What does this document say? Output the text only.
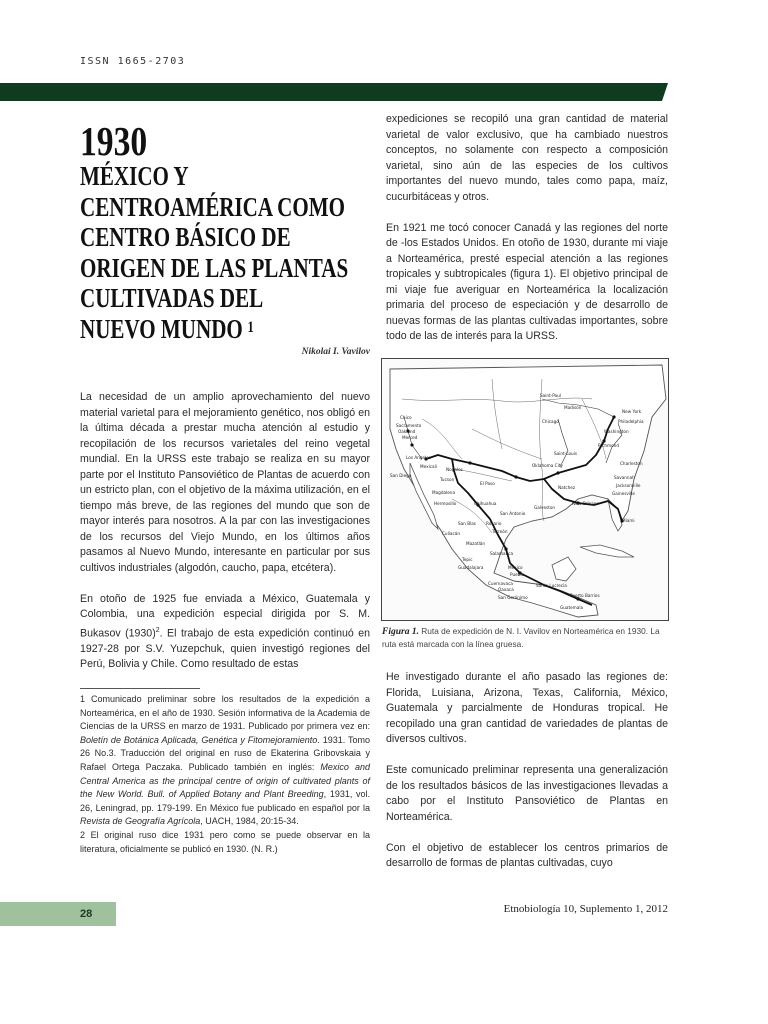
ISSN 1665-2703
1930
MÉXICO Y
CENTROAMÉRICA COMO
CENTRO BÁSICO DE
ORIGEN DE LAS PLANTAS
CULTIVADAS DEL
NUEVO MUNDO $^1$
Nikolai I. Vavilov

La necesidad de un amplio aprovechamiento del nuevo material varietal para el mejoramiento genético, nos obligó en la última década a prestar mucha atención al estudio y recopilación de los recursos varietales del reino vegetal mundial. En la URSS este trabajo se realiza en su mayor parte por el Instituto Pansoviético de Plantas de acuerdo con un estricto plan, con el objetivo de la máxima utilización, en el tiempo más breve, de las regiones del mundo que son de mayor interés para nosotros. A la par con las investigaciones de los recursos del Viejo Mundo, en los últimos años pasamos al Nuevo Mundo, interesante en particular por sus cultivos industriales (algodón, caucho, papa, etcétera).

En otoño de 1925 fue enviada a México, Guatemala y Colombia, una expedición especial dirigida por S. M. Bukasov $(1930)^2$. El trabajo de esta expedición continuó en 1927-28 por S.V. Yuzepchuk, quien investigó regiones del Perú, Bolivia y Chile. Como resultado de estas

1 Comunicado preliminar sobre los resultados de la expedición a Norteamérica, en el año de 1930. Sesión informativa de la Academia de Ciencias de la URSS en marzo de 1931. Publicado por primera vez en: Boletín de Botánica Aplicada, Genética y Fitomejoramiento. 1931. Tomo 26 No.3. Traducción del original en ruso de Ekaterina Gribovskaia y Rafael Ortega Paczaka. Publicado también en inglés: Mexico and Central America as the principal centre of origin of cultivated plants of the New World. Bull. of Applied Botany and Plant Breeding, 1931, vol. 26, Leningrad, pp. 179-199. En México fue publicado en español por la Revista de Geografía Agrícola, UACH, 1984, 20:15-34.

2 El original ruso dice 1931 pero como se puede observar en la literatura, oficialmente se publicó en 1930. (N. R.)

expediciones se recopiló una gran cantidad de material varietal de valor exclusivo, que ha cambiado nuestros conceptos, no solamente con respecto a composición varietal, sino aún de las especies de los cultivos importantes del nuevo mundo, tales como papa, maíz, cucurbitáceas y otros.

En 1921 me tocó conocer Canadá y las regiones del norte de -los Estados Unidos. En otoño de 1930, durante mi viaje a Norteamérica, presté especial atención a las regiones tropicales y subtropicales (figura 1). El objetivo principal de mi viaje fue averiguar en Norteamérica la localización primaria del proceso de especiación y de desarrollo de nuevas formas de las plantas cultivadas importantes, sobre todo de las de interés para la URSS.

Saint-Paul
Madison
New York
Chicago	Philadelphia
Washington
Richmond
Chico
Sacramento
Oakland
Merced
Saint-Louis
Los Angeles
Mexicali
San Diego
Nogales
Tucson
Magdalena
El Paso
Oklahoma City	Charleston
Savannah
Jacksonville
Gainesville
Natchez
Galveston
New Orleans
Hermosillo	Chihuahua
San Blas Rosario
Torreón
Miami
San Antonio
Culiacán
Mazatlán
Tepic
Guadalajara
Salamanca
México
Puebla
Cuernavaca
Oaxaca
Santa Lucrecia
San Gerónimo	Puerto Barrios
Guatemala
Figura 1. Ruta de expedición de N. I. Vavilov en Norteamérica en 1930. La ruta está marcada con la línea gruesa.

He investigado durante el año pasado las regiones de: Florida, Luisiana, Arizona, Texas, California, México, Guatemala y parcialmente de Honduras tropical. He recopilado una gran cantidad de variedades de plantas de diversos cultivos.

Este comunicado preliminar representa una generalización de los resultados básicos de las investigaciones llevadas a cabo por el Instituto Pansoviético de Plantas en Norteamérica.

Con el objetivo de establecer los centros primarios de desarrollo de formas de plantas cultivadas, cuyo

28	Etnobiología 10, Suplemento 1, 2012
